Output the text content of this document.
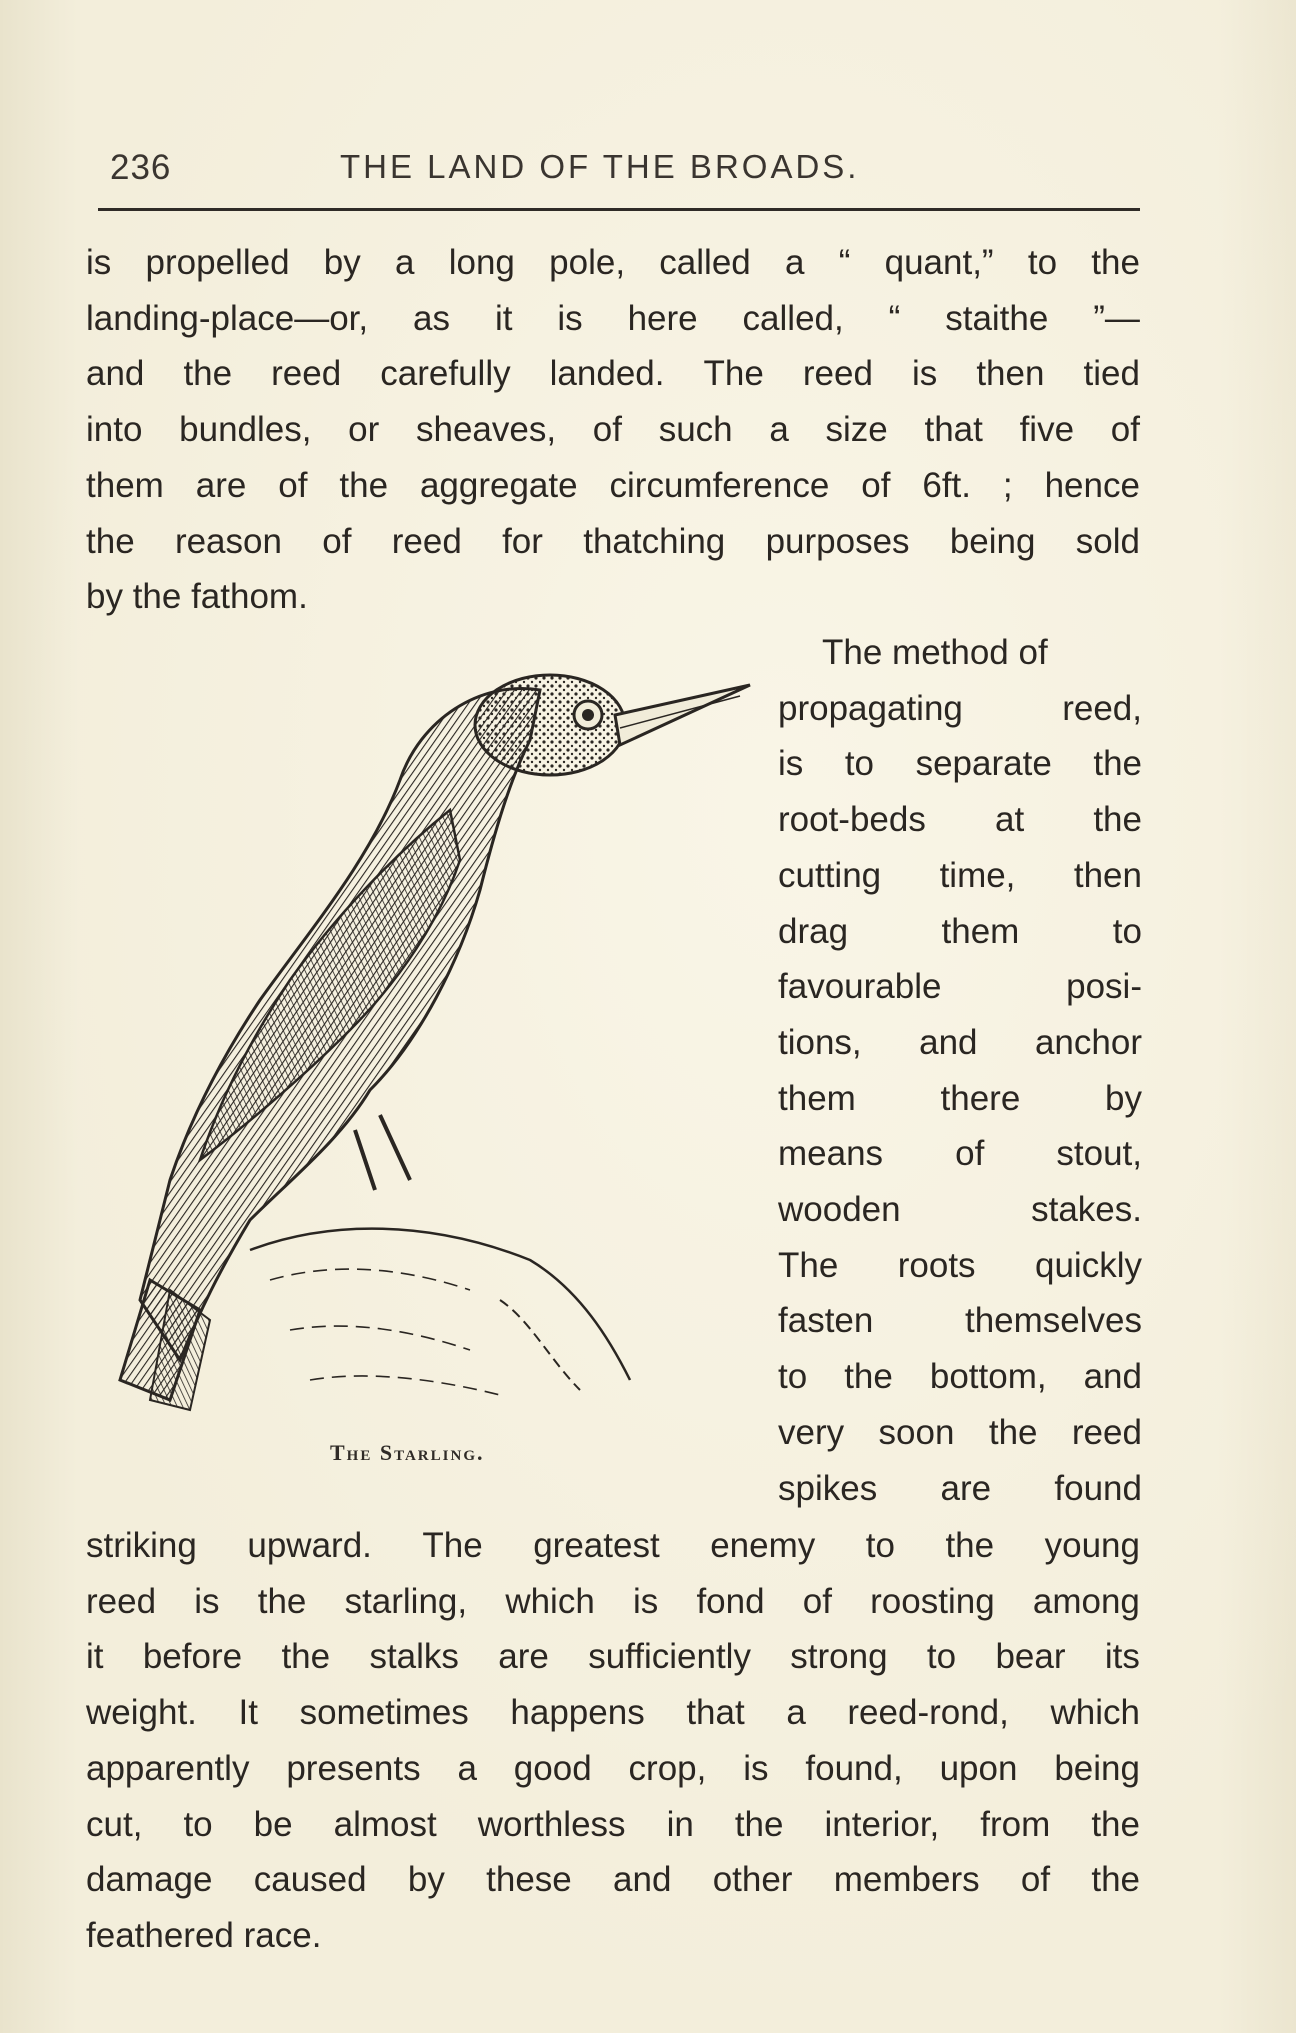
236	THE LAND OF THE BROADS.
is propelled by a long pole, called a “ quant,” to the
landing-place—or, as it is here called, “ staithe ”—
and the reed carefully landed. The reed is then tied
into bundles, or sheaves, of such a size that five of
them are of the aggregate circumference of 6ft. ; hence
the reason of reed for thatching purposes being sold
by the fathom.
The Starling.
The method of
propagating	reed,
is to separate the
root-beds at the
cutting time, then
drag	them	to
favourable	posi-
tions, and anchor
them there by
means of stout,
wooden	stakes.
The roots quickly
fasten	themselves
to the bottom, and
very soon the reed
spikes are found
striking upward. The greatest enemy to the young
reed is the starling, which is fond of roosting among
it before the stalks are sufficiently strong to bear its
weight. It sometimes happens that a reed-rond, which
apparently presents a good crop, is found, upon being
cut, to be almost worthless in the interior, from the
damage caused by these and other members of the
feathered race.
